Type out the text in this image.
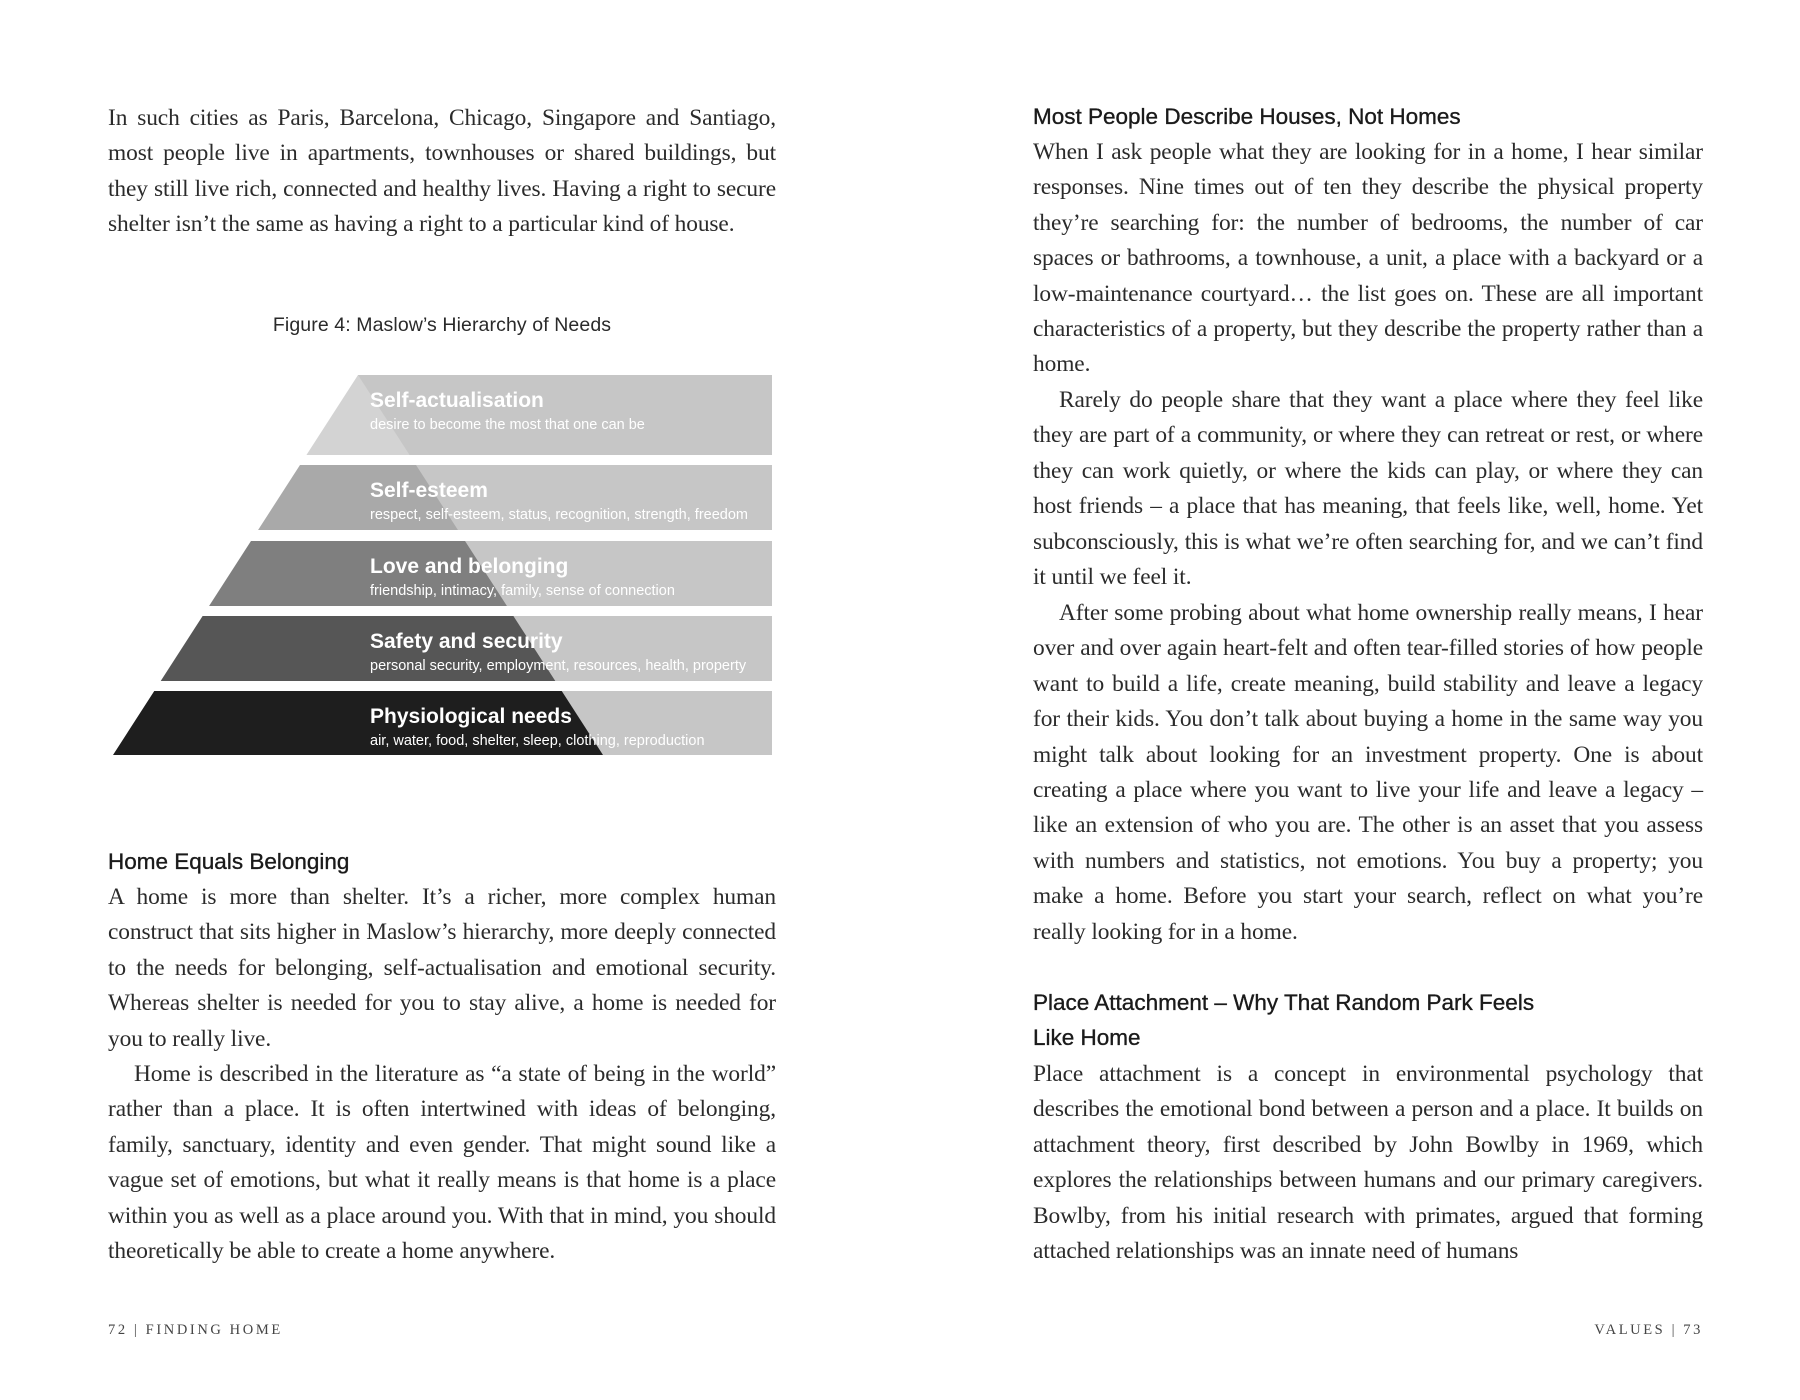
In such cities as Paris, Barcelona, Chicago, Singapore and Santiago, most people live in apartments, townhouses or shared buildings, but they still live rich, connected and healthy lives. Having a right to secure shelter isn’t the same as having a right to a particular kind of house.

Figure 4: Maslow’s Hierarchy of Needs
Self-actualisation
desire to become the most that one can be
Self-esteem
respect, self-esteem, status, recognition, strength, freedom
Love and belonging
friendship, intimacy, family, sense of connection
Safety and security
personal security, employment, resources, health, property
Physiological needs
air, water, food, shelter, sleep, clothing, reproduction
Home Equals Belonging

A home is more than shelter. It’s a richer, more complex human construct that sits higher in Maslow’s hierarchy, more deeply connected to the needs for belonging, self-actualisation and emotional security. Whereas shelter is needed for you to stay alive, a home is needed for you to really live.

Home is described in the literature as “a state of being in the world” rather than a place. It is often intertwined with ideas of belonging, family, sanctuary, identity and even gender. That might sound like a vague set of emotions, but what it really means is that home is a place within you as well as a place around you. With that in mind, you should theoretically be able to create a home anywhere.

72 | FINDING HOME
Most People Describe Houses, Not Homes

When I ask people what they are looking for in a home, I hear similar responses. Nine times out of ten they describe the physical property they’re searching for: the number of bedrooms, the number of car spaces or bathrooms, a townhouse, a unit, a place with a backyard or a low-maintenance courtyard… the list goes on. These are all important characteristics of a property, but they describe the property rather than a home.

Rarely do people share that they want a place where they feel like they are part of a community, or where they can retreat or rest, or where they can work quietly, or where the kids can play, or where they can host friends – a place that has meaning, that feels like, well, home. Yet subconsciously, this is what we’re often searching for, and we can’t find it until we feel it.

After some probing about what home ownership really means, I hear over and over again heart-felt and often tear-filled stories of how people want to build a life, create meaning, build stability and leave a legacy for their kids. You don’t talk about buying a home in the same way you might talk about looking for an investment property. One is about creating a place where you want to live your life and leave a legacy – like an extension of who you are. The other is an asset that you assess with numbers and statistics, not emotions. You buy a property; you make a home. Before you start your search, reflect on what you’re really looking for in a home.

Place Attachment – Why That Random Park Feels Like Home

Place attachment is a concept in environmental psychology that describes the emotional bond between a person and a place. It builds on attachment theory, first described by John Bowlby in 1969, which explores the relationships between humans and our primary caregivers. Bowlby, from his initial research with primates, argued that forming attached relationships was an innate need of humans

VALUES | 73
